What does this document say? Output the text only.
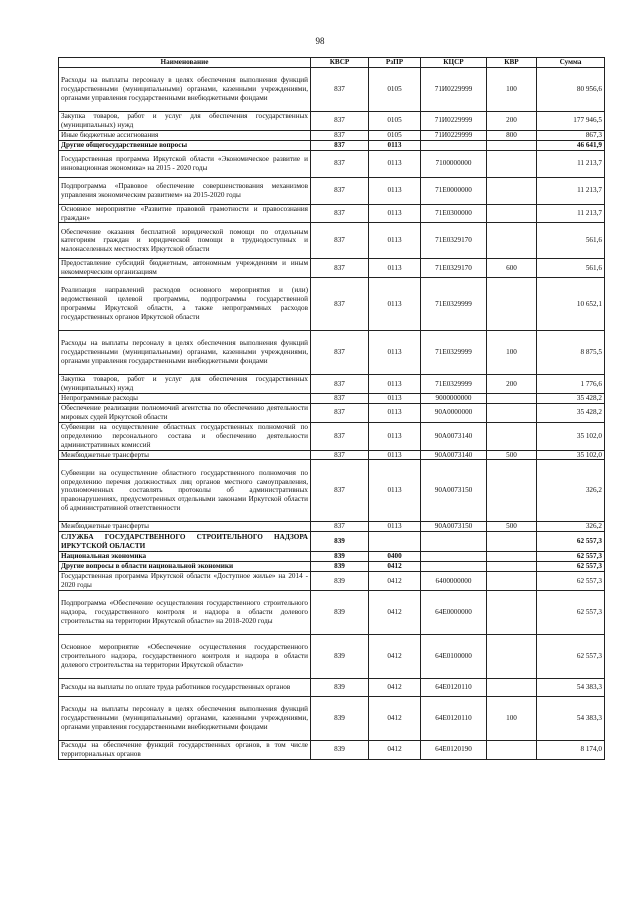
98
Наименование	КВСР	РзПР	КЦСР	КВР	Сумма
Расходы на выплаты персоналу в целях обеспечения выполнения функций государственными (муниципальными) органами, казенными учреждениями, органами управления государственными внебюджетными фондами	837	0105	71И0229999	100	80 956,6
Закупка товаров, работ и услуг для обеспечения государственных (муниципальных) нужд	837	0105	71И0229999	200	177 946,5
Иные бюджетные ассигнования	837	0105	71И0229999	800	867,3
Другие общегосударственные вопросы	837	0113			46 641,9
Государственная программа Иркутской области «Экономическое развитие и инновационная экономика» на 2015 - 2020 годы	837	0113	7100000000		11 213,7
Подпрограмма «Правовое обеспечение совершенствования механизмов управления экономическим развитием» на 2015-2020 годы	837	0113	71Е0000000		11 213,7
Основное мероприятие «Развитие правовой грамотности и правосознания граждан»	837	0113	71Е0300000		11 213,7
Обеспечение оказания бесплатной юридической помощи по отдельным категориям граждан и юридической помощи в труднодоступных и малонаселенных местностях Иркутской области	837	0113	71Е0329170		561,6
Предоставление субсидий бюджетным, автономным учреждениям и иным некоммерческим организациям	837	0113	71Е0329170	600	561,6
Реализация направлений расходов основного мероприятия и (или) ведомственной целевой программы, подпрограммы государственной программы Иркутской области, а также непрограммных расходов государственных органов Иркутской области	837	0113	71Е0329999		10 652,1
Расходы на выплаты персоналу в целях обеспечения выполнения функций государственными (муниципальными) органами, казенными учреждениями, органами управления государственными внебюджетными фондами	837	0113	71Е0329999	100	8 875,5
Закупка товаров, работ и услуг для обеспечения государственных (муниципальных) нужд	837	0113	71Е0329999	200	1 776,6
Непрограммные расходы	837	0113	9000000000		35 428,2
Обеспечение реализации полномочий агентства по обеспечению деятельности мировых судей Иркутской области	837	0113	90А0000000		35 428,2
Субвенции на осуществление областных государственных полномочий по определению персонального состава и обеспечению деятельности административных комиссий	837	0113	90А0073140		35 102,0
Межбюджетные трансферты	837	0113	90А0073140	500	35 102,0
Субвенции на осуществление областного государственного полномочия по определению перечня должностных лиц органов местного самоуправления, уполномоченных составлять протоколы об административных правонарушениях, предусмотренных отдельными законами Иркутской области об административной ответственности	837	0113	90А0073150		326,2
Межбюджетные трансферты	837	0113	90А0073150	500	326,2
СЛУЖБА ГОСУДАРСТВЕННОГО СТРОИТЕЛЬНОГО НАДЗОРА ИРКУТСКОЙ ОБЛАСТИ	839				62 557,3
Национальная экономика	839	0400			62 557,3
Другие вопросы в области национальной экономики	839	0412			62 557,3
Государственная программа Иркутской области «Доступное жилье» на 2014 - 2020 годы	839	0412	6400000000		62 557,3
Подпрограмма «Обеспечение осуществления государственного строительного надзора, государственного контроля и надзора в области долевого строительства на территории Иркутской области» на 2018-2020 годы	839	0412	64Е0000000		62 557,3
Основное мероприятие «Обеспечение осуществления государственного строительного надзора, государственного контроля и надзора в области долевого строительства на территории Иркутской области»	839	0412	64Е0100000		62 557,3
Расходы на выплаты по оплате труда работников государственных органов	839	0412	64Е0120110		54 383,3
Расходы на выплаты персоналу в целях обеспечения выполнения функций государственными (муниципальными) органами, казенными учреждениями, органами управления государственными внебюджетными фондами	839	0412	64Е0120110	100	54 383,3
Расходы на обеспечение функций государственных органов, в том числе территориальных органов	839	0412	64Е0120190		8 174,0
